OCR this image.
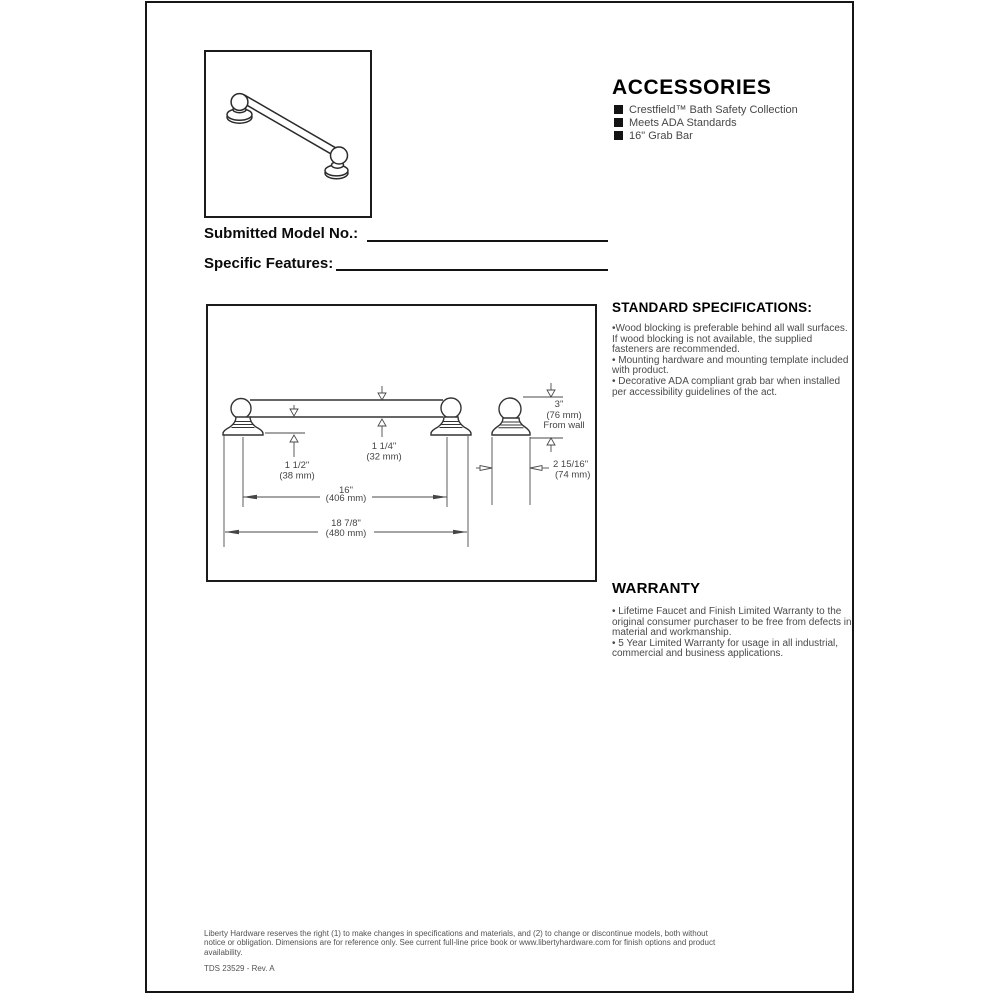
ACCESSORIES
Crestfield™ Bath Safety Collection
Meets ADA Standards
16" Grab Bar
Submitted Model No.:
Specific Features:
1 1/4"
(32 mm)
1 1/2"
(38 mm)
16"
(406 mm)
18 7/8"
(480 mm)
3"
(76 mm)
From wall
2 15/16"
(74 mm)
STANDARD SPECIFICATIONS:

•Wood blocking is preferable behind all wall surfaces. If wood blocking is not available, the supplied fasteners are recommended.

• Mounting hardware and mounting template included with product.

• Decorative ADA compliant grab bar when installed per accessibility guidelines of the act.

WARRANTY

• Lifetime Faucet and Finish Limited Warranty to the original consumer purchaser to be free from defects in material and workmanship.

• 5 Year Limited Warranty for usage in all industrial, commercial and business applications.

Liberty Hardware reserves the right (1) to make changes in specifications and materials, and (2) to change or discontinue models, both without notice or obligation. Dimensions are for reference only. See current full-line price book or www.libertyhardware.com for finish options and product availability.
TDS 23529 - Rev. A
